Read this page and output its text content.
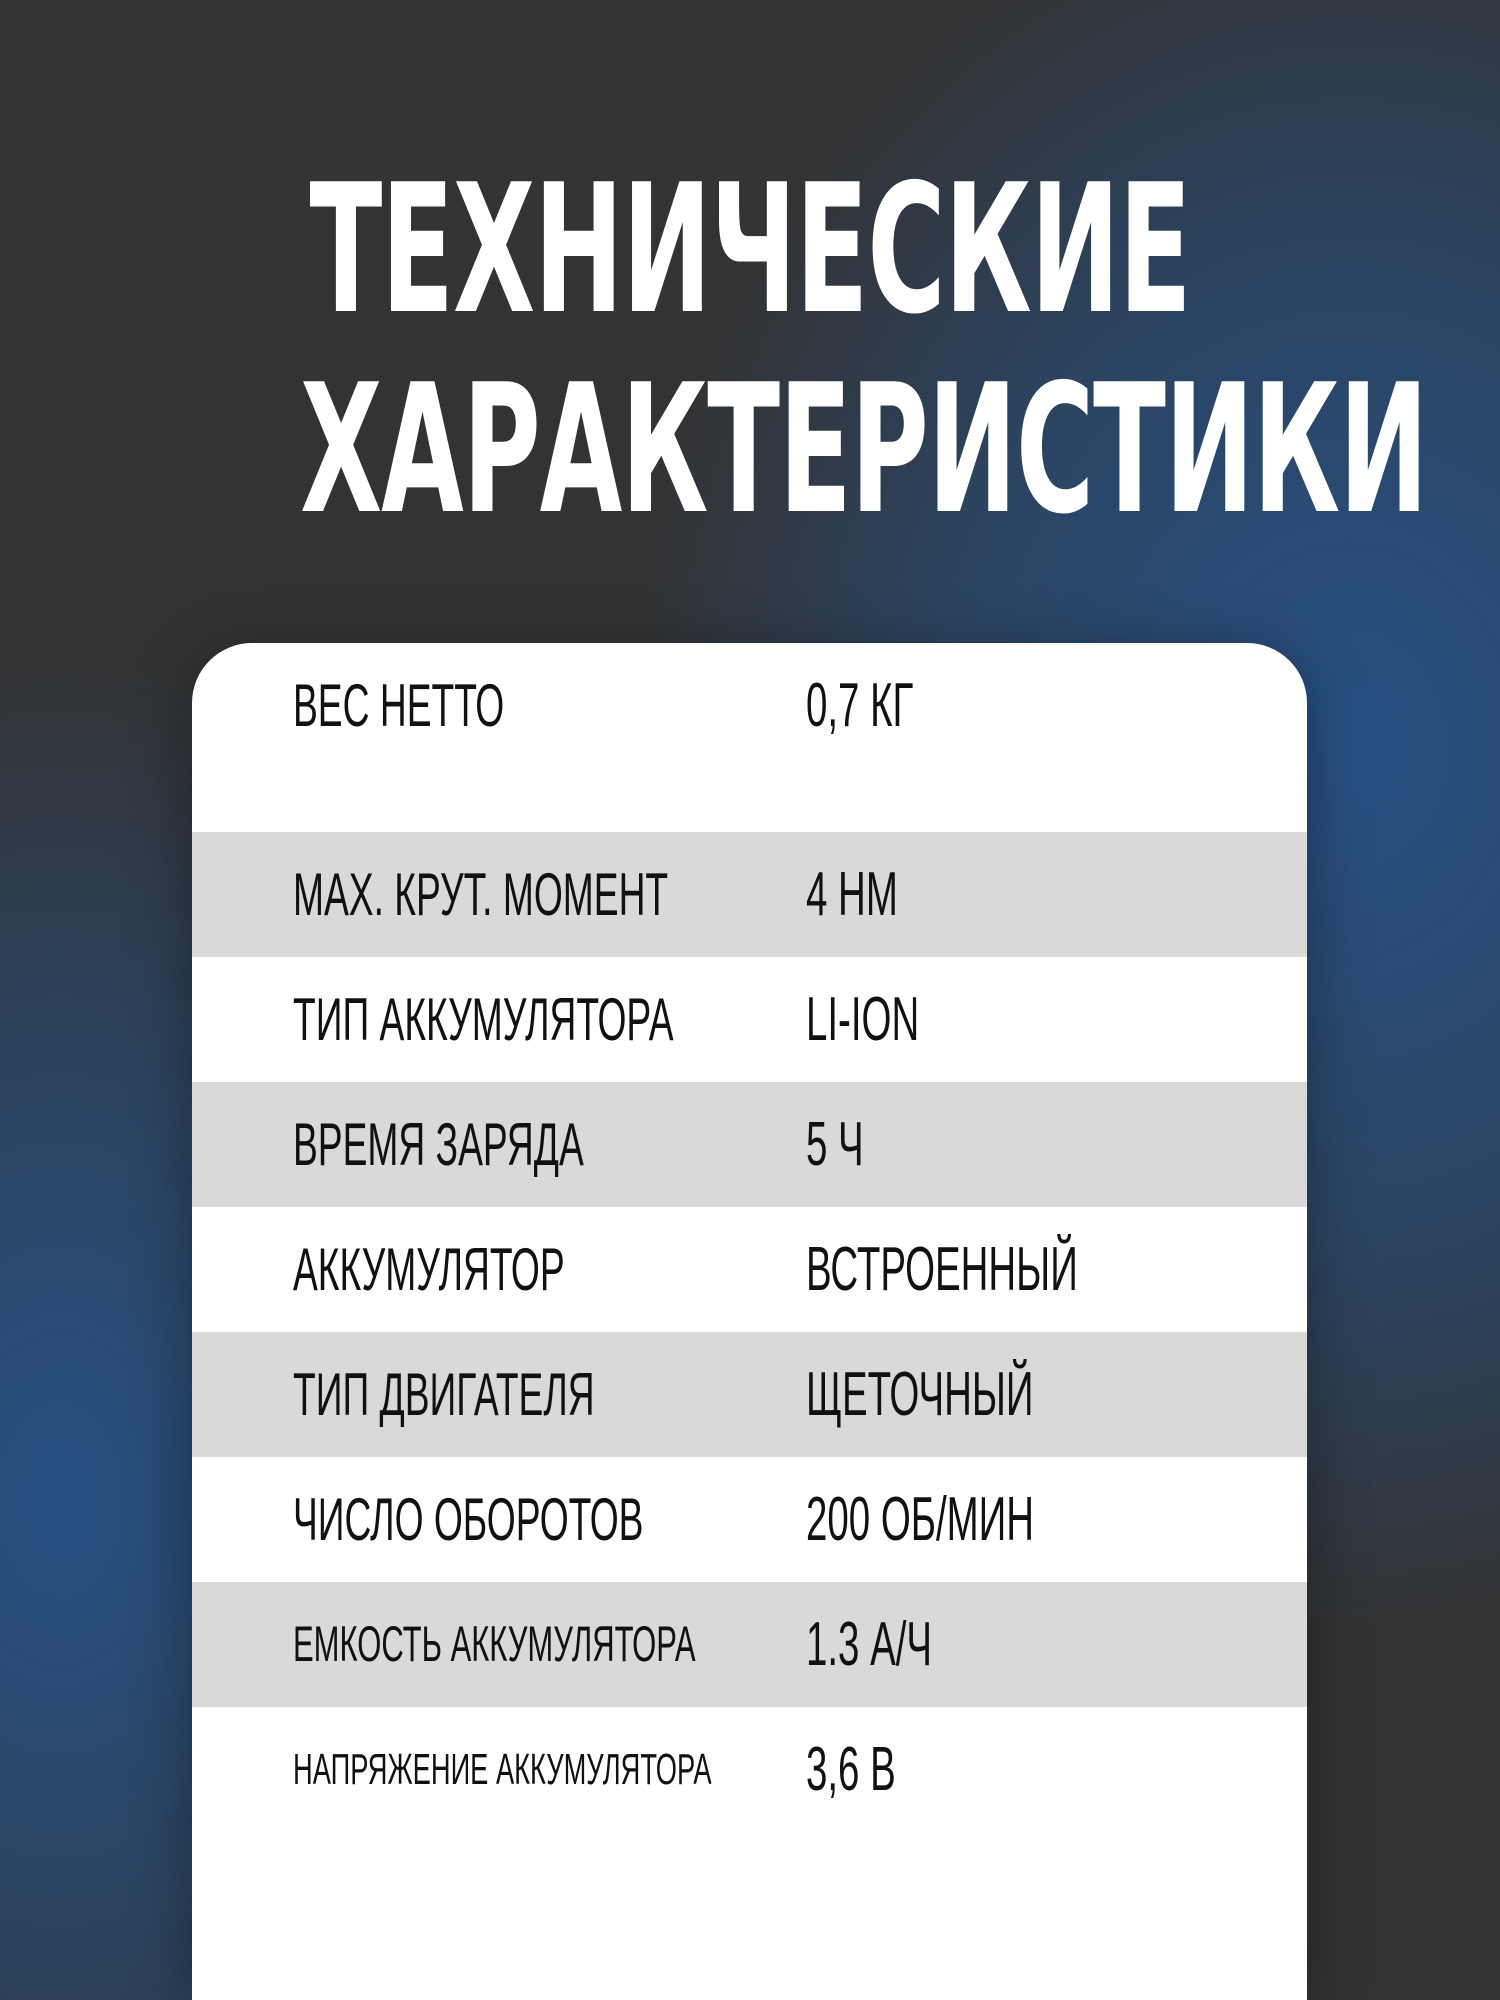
ТЕХНИЧЕСКИЕ
ХАРАКТЕРИСТИКИ
ВЕС НЕТТО	0,7 КГ
MAX. КРУТ. МОМЕНТ 4 НМ
ТИП АККУМУЛЯТОРА LI-ION
ВРЕМЯ ЗАРЯДА	5 Ч
АККУМУЛЯТОР	ВСТРОЕННЫЙ
ТИП ДВИГАТЕЛЯ	ЩЕТОЧНЫЙ
ЧИСЛО ОБОРОТОВ	200 ОБ/МИН
ЕМКОСТЬ АККУМУЛЯТОРА 1.3 А/Ч
НАПРЯЖЕНИЕ АККУМУЛЯТОРА 3,6 В
